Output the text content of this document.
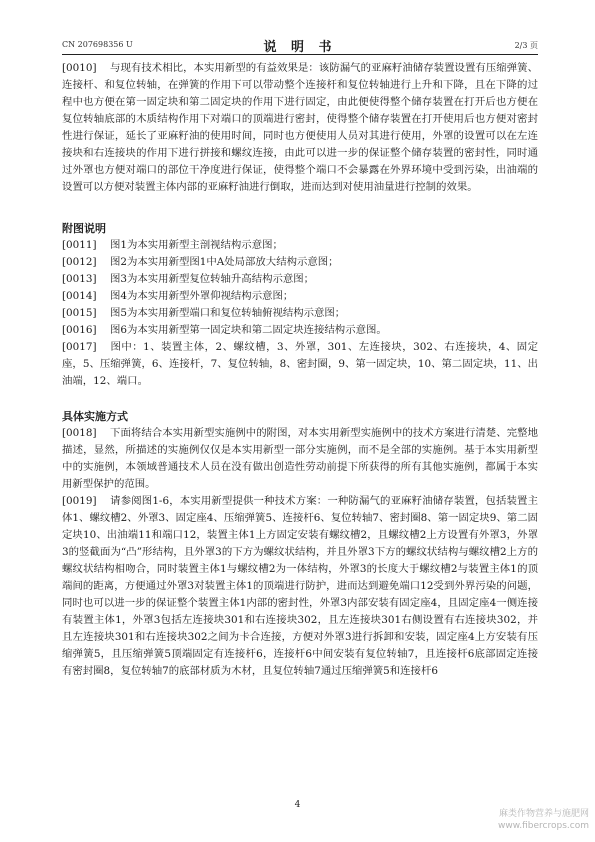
CN 207698356 U	说 明 书	2/3 页

[0010] 与现有技术相比，本实用新型的有益效果是：该防漏气的亚麻籽油储存装置设置有压缩弹簧、连接杆、和复位转轴，在弹簧的作用下可以带动整个连接杆和复位转轴进行上升和下降，且在下降的过程中也方便在第一固定块和第二固定块的作用下进行固定，由此便使得整个储存装置在打开后也方便在复位转轴底部的木质结构作用下对端口的顶端进行密封，使得整个储存装置在打开使用后也方便对密封性进行保证，延长了亚麻籽油的使用时间，同时也方便使用人员对其进行使用，外罩的设置可以在左连接块和右连接块的作用下进行拼接和螺纹连接，由此可以进一步的保证整个储存装置的密封性，同时通过外罩也方便对端口的部位干净度进行保证，使得整个端口不会暴露在外界环境中受到污染，出油端的设置可以方便对装置主体内部的亚麻籽油进行倒取，进而达到对使用油量进行控制的效果。

附图说明

[0011] 图1为本实用新型主剖视结构示意图；

[0012] 图2为本实用新型图1中A处局部放大结构示意图；

[0013] 图3为本实用新型复位转轴升高结构示意图；

[0014] 图4为本实用新型外罩仰视结构示意图；

[0015] 图5为本实用新型端口和复位转轴俯视结构示意图；

[0016] 图6为本实用新型第一固定块和第二固定块连接结构示意图。

[0017] 图中：1、装置主体，2、螺纹槽，3、外罩，301、左连接块，302、右连接块，4、固定座，5、压缩弹簧，6、连接杆，7、复位转轴，8、密封圈，9、第一固定块，10、第二固定块，11、出油端，12、端口。

具体实施方式

[0018] 下面将结合本实用新型实施例中的附图，对本实用新型实施例中的技术方案进行清楚、完整地描述，显然，所描述的实施例仅仅是本实用新型一部分实施例，而不是全部的实施例。基于本实用新型中的实施例，本领域普通技术人员在没有做出创造性劳动前提下所获得的所有其他实施例，都属于本实用新型保护的范围。

[0019] 请参阅图1-6，本实用新型提供一种技术方案：一种防漏气的亚麻籽油储存装置，包括装置主体1、螺纹槽2、外罩3、固定座4、压缩弹簧5、连接杆6、复位转轴7、密封圈8、第一固定块9、第二固定块10、出油端11和端口12，装置主体1上方固定安装有螺纹槽2，且螺纹槽2上方设置有外罩3，外罩3的竖截面为“凸”形结构，且外罩3的下方为螺纹状结构，并且外罩3下方的螺纹状结构与螺纹槽2上方的螺纹状结构相吻合，同时装置主体1与螺纹槽2为一体结构，外罩3的长度大于螺纹槽2与装置主体1的顶端间的距离，方便通过外罩3对装置主体1的顶端进行防护，进而达到避免端口12受到外界污染的问题，同时也可以进一步的保证整个装置主体1内部的密封性，外罩3内部安装有固定座4，且固定座4一侧连接有装置主体1，外罩3包括左连接块301和右连接块302，且左连接块301右侧设置有右连接块302，并且左连接块301和右连接块302之间为卡合连接，方便对外罩3进行拆卸和安装，固定座4上方安装有压缩弹簧5，且压缩弹簧5顶端固定有连接杆6，连接杆6中间安装有复位转轴7，且连接杆6底部固定连接有密封圈8，复位转轴7的底部材质为木材，且复位转轴7通过压缩弹簧5和连接杆6

4
麻类作物营养与施肥网
www.fibercrops.com
